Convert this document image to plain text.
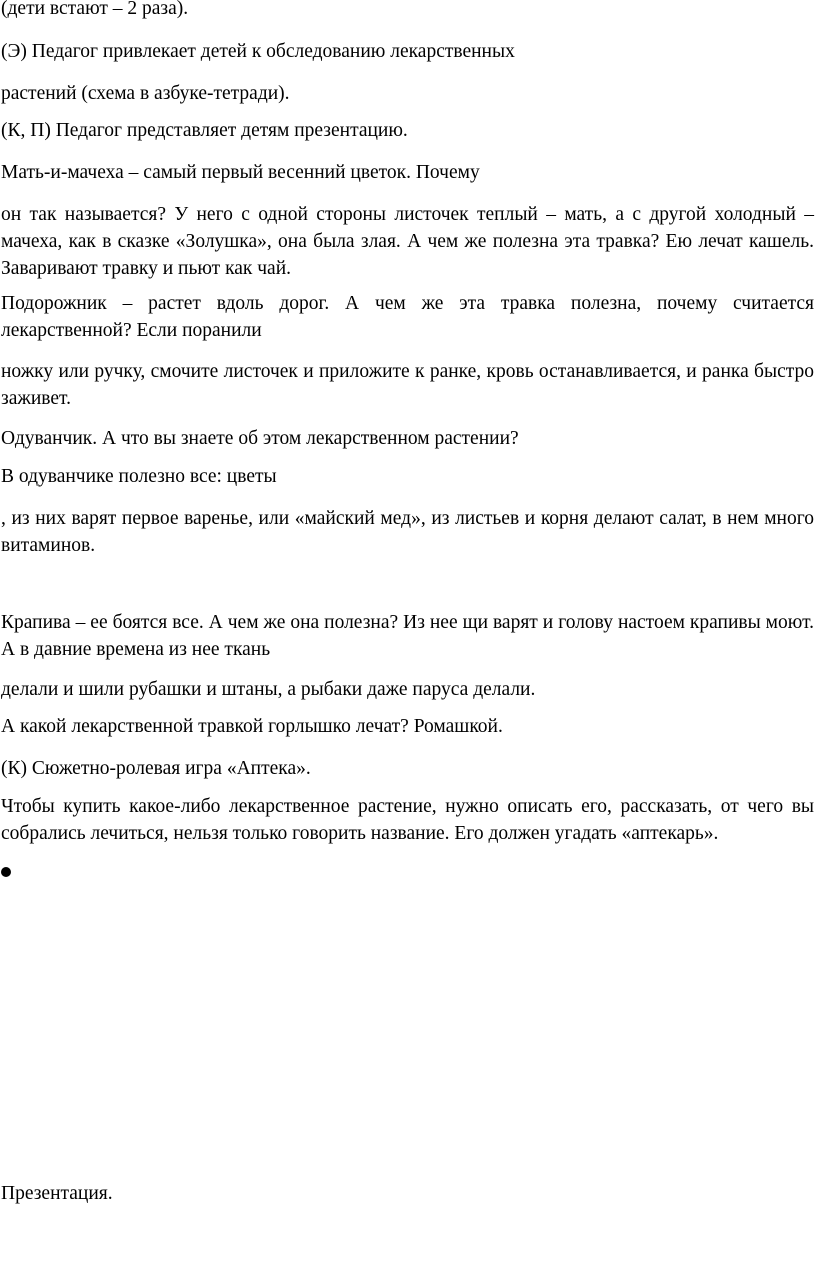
(дети встают – 2 раза).

(Э) Педагог привлекает детей к обследованию лекарственных

растений (схема в азбуке-тетради).

(К, П) Педагог представляет детям презентацию.

Мать-и-мачеха – самый первый весенний цветок. Почему

он так называется? У него с одной стороны листочек теплый – мать, а с другой холодный – мачеха, как в сказке «Золушка», она была злая. А чем же полезна эта травка? Ею лечат кашель. Заваривают травку и пьют как чай.

Подорожник – растет вдоль дорог. А чем же эта травка полезна, почему считается лекарственной? Если поранили

ножку или ручку, смочите листочек и приложите к ранке, кровь останавливается, и ранка быстро заживет.

Одуванчик. А что вы знаете об этом лекарственном растении?

В одуванчике полезно все: цветы

, из них варят первое варенье, или «майский мед», из листьев и корня делают салат, в нем много витаминов.

Крапива – ее боятся все. А чем же она полезна? Из нее щи варят и голову настоем крапивы моют. А в давние времена из нее ткань

делали и шили рубашки и штаны, а рыбаки даже паруса делали.

А какой лекарственной травкой горлышко лечат? Ромашкой.

(К) Сюжетно-ролевая игра «Аптека».

Чтобы купить какое-либо лекарственное растение, нужно описать его, рассказать, от чего вы собрались лечиться, нельзя только говорить название. Его должен угадать «аптекарь».

Презентация.
